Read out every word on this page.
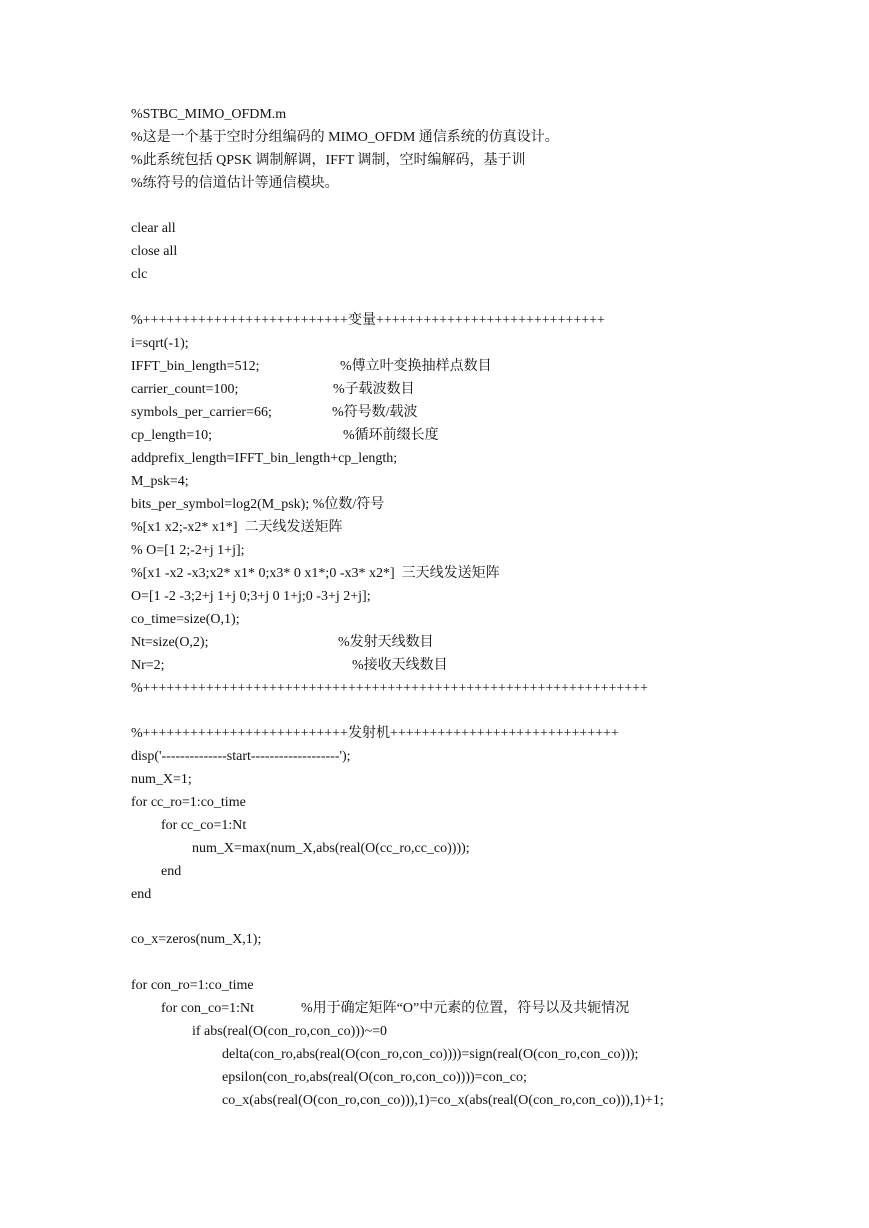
%STBC_MIMO_OFDM.m
%这是一个基于空时分组编码的 MIMO_OFDM 通信系统的仿真设计。
%此系统包括 QPSK 调制解调，IFFT 调制，空时编解码，基于训
%练符号的信道估计等通信模块。
clear all
close all
clc
%++++++++++++++++++++++++++变量+++++++++++++++++++++++++++++
i=sqrt(-1);
IFFT_bin_length=512;	%傅立叶变换抽样点数目
carrier_count=100;	%子载波数目
symbols_per_carrier=66;	%符号数/载波
cp_length=10;	%循环前缀长度
addprefix_length=IFFT_bin_length+cp_length;
M_psk=4;
bits_per_symbol=log2(M_psk); %位数/符号
%[x1 x2;-x2* x1*]  二天线发送矩阵
% O=[1 2;-2+j 1+j];
%[x1 -x2 -x3;x2* x1* 0;x3* 0 x1*;0 -x3* x2*]  三天线发送矩阵
O=[1 -2 -3;2+j 1+j 0;3+j 0 1+j;0 -3+j 2+j];
co_time=size(O,1);
Nt=size(O,2);	%发射天线数目
Nr=2;	%接收天线数目
%++++++++++++++++++++++++++++++++++++++++++++++++++++++++++++++++
%++++++++++++++++++++++++++发射机+++++++++++++++++++++++++++++
disp('--------------start-------------------');
num_X=1;
for cc_ro=1:co_time
for cc_co=1:Nt
num_X=max(num_X,abs(real(O(cc_ro,cc_co))));
end
end
co_x=zeros(num_X,1);
for con_ro=1:co_time
for con_co=1:Nt	%用于确定矩阵“O”中元素的位置，符号以及共轭情况
if abs(real(O(con_ro,con_co)))~=0
delta(con_ro,abs(real(O(con_ro,con_co))))=sign(real(O(con_ro,con_co)));
epsilon(con_ro,abs(real(O(con_ro,con_co))))=con_co;
co_x(abs(real(O(con_ro,con_co))),1)=co_x(abs(real(O(con_ro,con_co))),1)+1;
